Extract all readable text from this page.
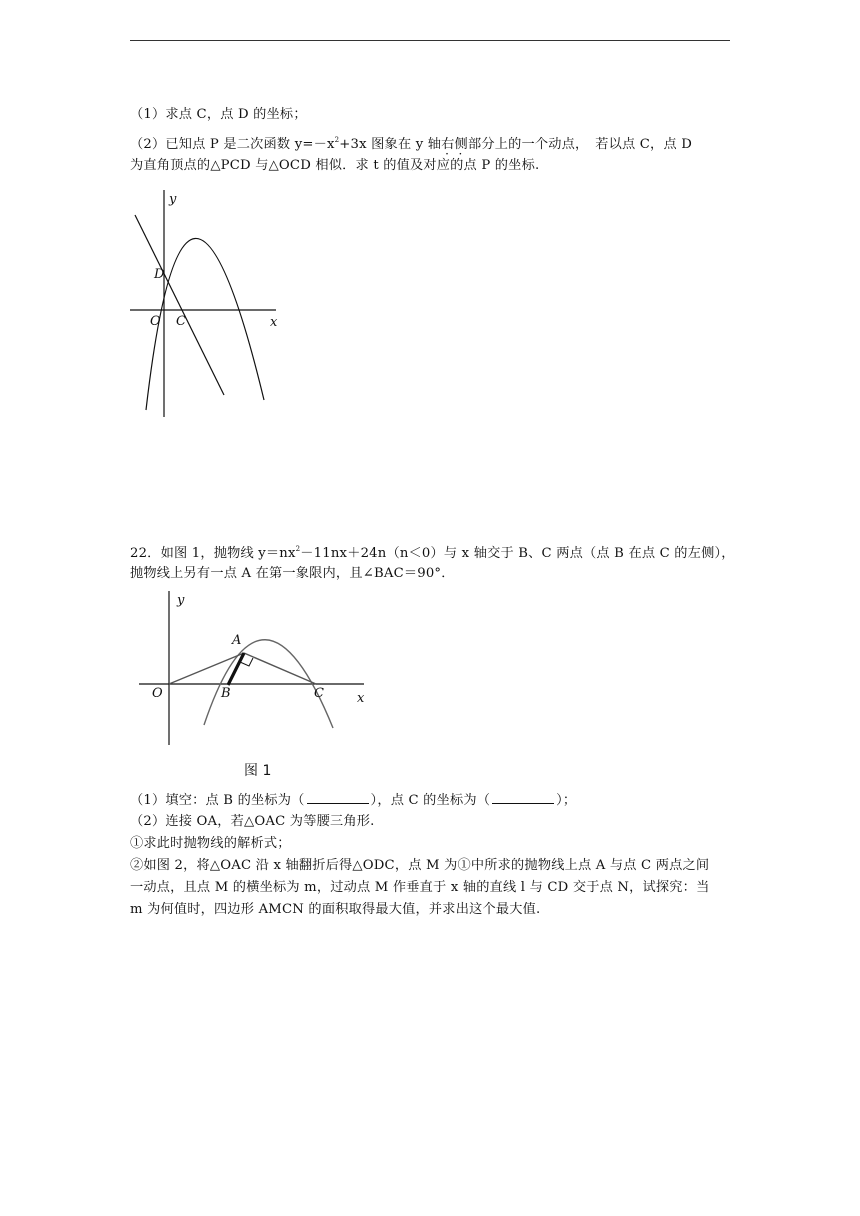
（1）求点 C，点 D 的坐标；
（2）已知点 P 是二次函数 $y=-x^2+3x$ 图象在 y 轴右侧部分上的一个动点，　若以点 C，点 D
为直角顶点的△PCD 与△OCD 相似．求 t 的值及对应的点 P 的坐标.
y
x
O C
D
22．如图 1，抛物线 $y=nx^2-11nx+24n(n<0)$与 x 轴交于 B、C 两点（点 B 在点 C 的左侧），
抛物线上另有一点 A 在第一象限内，且∠BAC＝90°．
y
x
O
A
B	C
图 1
（1）填空：点 B 的坐标为（	），点 C 的坐标为（	）；
（2）连接 OA，若△OAC 为等腰三角形.
①求此时抛物线的解析式；
②如图 2，将△OAC 沿 x 轴翻折后得△ODC，点 M 为①中所求的抛物线上点 A 与点 C 两点之间
一动点，且点 M 的横坐标为 m，过动点 M 作垂直于 x 轴的直线 l 与 CD 交于点 N，试探究：当
m 为何值时，四边形 AMCN 的面积取得最大值，并求出这个最大值.
